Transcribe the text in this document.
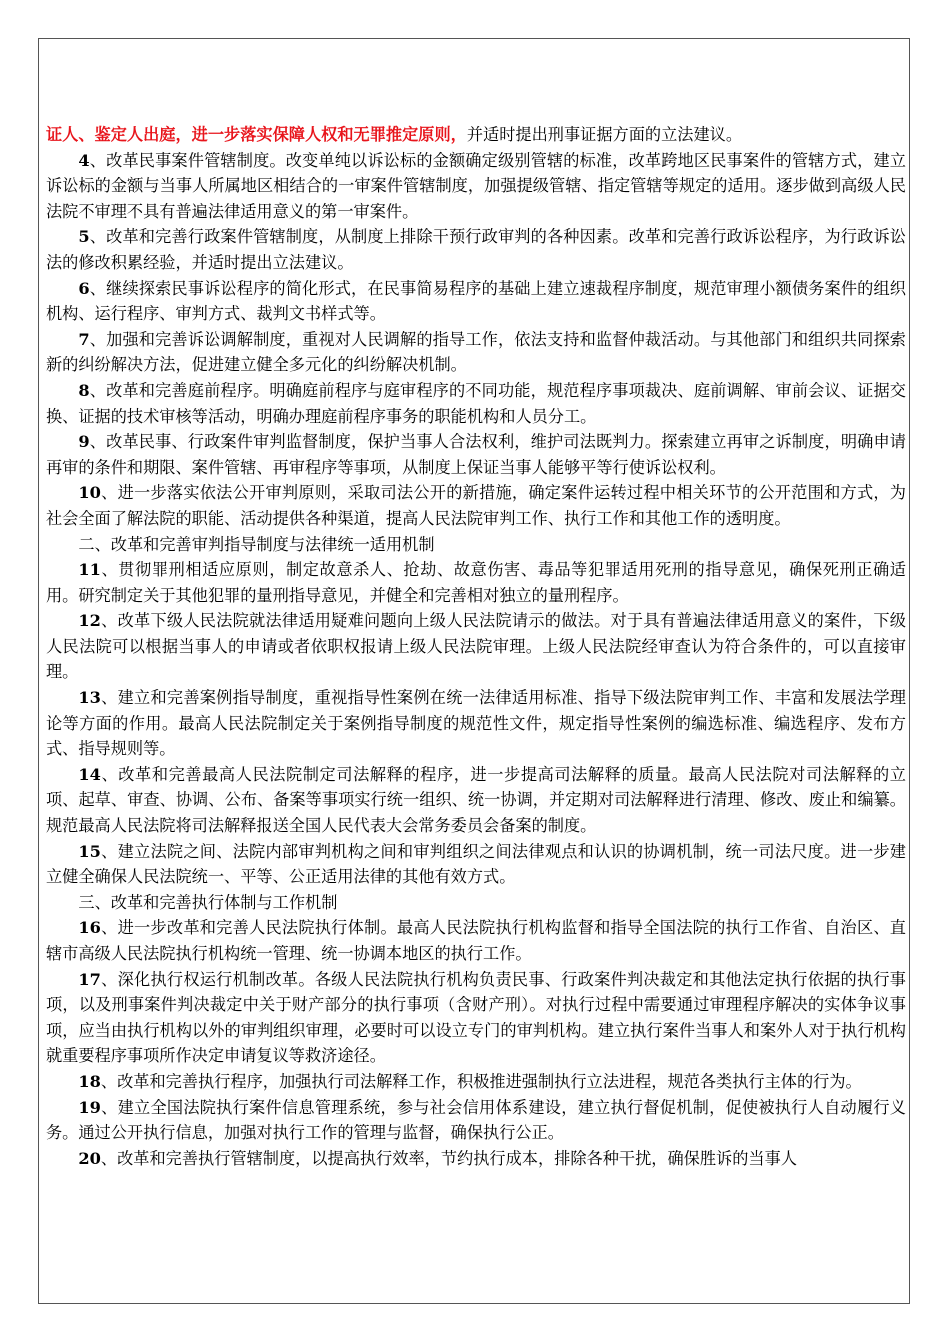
证人、鉴定人出庭，进一步落实保障人权和无罪推定原则，并适时提出刑事证据方面的立法建议。

4、改革民事案件管辖制度。改变单纯以诉讼标的金额确定级别管辖的标准，改革跨地区民事案件的管辖方式，建立诉讼标的金额与当事人所属地区相结合的一审案件管辖制度，加强提级管辖、指定管辖等规定的适用。逐步做到高级人民法院不审理不具有普遍法律适用意义的第一审案件。

5、改革和完善行政案件管辖制度，从制度上排除干预行政审判的各种因素。改革和完善行政诉讼程序，为行政诉讼法的修改积累经验，并适时提出立法建议。

6、继续探索民事诉讼程序的简化形式，在民事简易程序的基础上建立速裁程序制度，规范审理小额债务案件的组织机构、运行程序、审判方式、裁判文书样式等。

7、加强和完善诉讼调解制度，重视对人民调解的指导工作，依法支持和监督仲裁活动。与其他部门和组织共同探索新的纠纷解决方法，促进建立健全多元化的纠纷解决机制。

8、改革和完善庭前程序。明确庭前程序与庭审程序的不同功能，规范程序事项裁决、庭前调解、审前会议、证据交换、证据的技术审核等活动，明确办理庭前程序事务的职能机构和人员分工。

9、改革民事、行政案件审判监督制度，保护当事人合法权利，维护司法既判力。探索建立再审之诉制度，明确申请再审的条件和期限、案件管辖、再审程序等事项，从制度上保证当事人能够平等行使诉讼权利。

10、进一步落实依法公开审判原则，采取司法公开的新措施，确定案件运转过程中相关环节的公开范围和方式，为社会全面了解法院的职能、活动提供各种渠道，提高人民法院审判工作、执行工作和其他工作的透明度。

二、改革和完善审判指导制度与法律统一适用机制

11、贯彻罪刑相适应原则，制定故意杀人、抢劫、故意伤害、毒品等犯罪适用死刑的指导意见，确保死刑正确适用。研究制定关于其他犯罪的量刑指导意见，并健全和完善相对独立的量刑程序。

12、改革下级人民法院就法律适用疑难问题向上级人民法院请示的做法。对于具有普遍法律适用意义的案件，下级人民法院可以根据当事人的申请或者依职权报请上级人民法院审理。上级人民法院经审查认为符合条件的，可以直接审理。

13、建立和完善案例指导制度，重视指导性案例在统一法律适用标准、指导下级法院审判工作、丰富和发展法学理论等方面的作用。最高人民法院制定关于案例指导制度的规范性文件，规定指导性案例的编选标准、编选程序、发布方式、指导规则等。

14、改革和完善最高人民法院制定司法解释的程序，进一步提高司法解释的质量。最高人民法院对司法解释的立项、起草、审查、协调、公布、备案等事项实行统一组织、统一协调，并定期对司法解释进行清理、修改、废止和编纂。规范最高人民法院将司法解释报送全国人民代表大会常务委员会备案的制度。

15、建立法院之间、法院内部审判机构之间和审判组织之间法律观点和认识的协调机制，统一司法尺度。进一步建立健全确保人民法院统一、平等、公正适用法律的其他有效方式。

三、改革和完善执行体制与工作机制

16、进一步改革和完善人民法院执行体制。最高人民法院执行机构监督和指导全国法院的执行工作省、自治区、直辖市高级人民法院执行机构统一管理、统一协调本地区的执行工作。

17、深化执行权运行机制改革。各级人民法院执行机构负责民事、行政案件判决裁定和其他法定执行依据的执行事项，以及刑事案件判决裁定中关于财产部分的执行事项（含财产刑）。对执行过程中需要通过审理程序解决的实体争议事项，应当由执行机构以外的审判组织审理，必要时可以设立专门的审判机构。建立执行案件当事人和案外人对于执行机构就重要程序事项所作决定申请复议等救济途径。

18、改革和完善执行程序，加强执行司法解释工作，积极推进强制执行立法进程，规范各类执行主体的行为。

19、建立全国法院执行案件信息管理系统，参与社会信用体系建设，建立执行督促机制，促使被执行人自动履行义务。通过公开执行信息，加强对执行工作的管理与监督，确保执行公正。

20、改革和完善执行管辖制度，以提高执行效率，节约执行成本，排除各种干扰，确保胜诉的当事人
